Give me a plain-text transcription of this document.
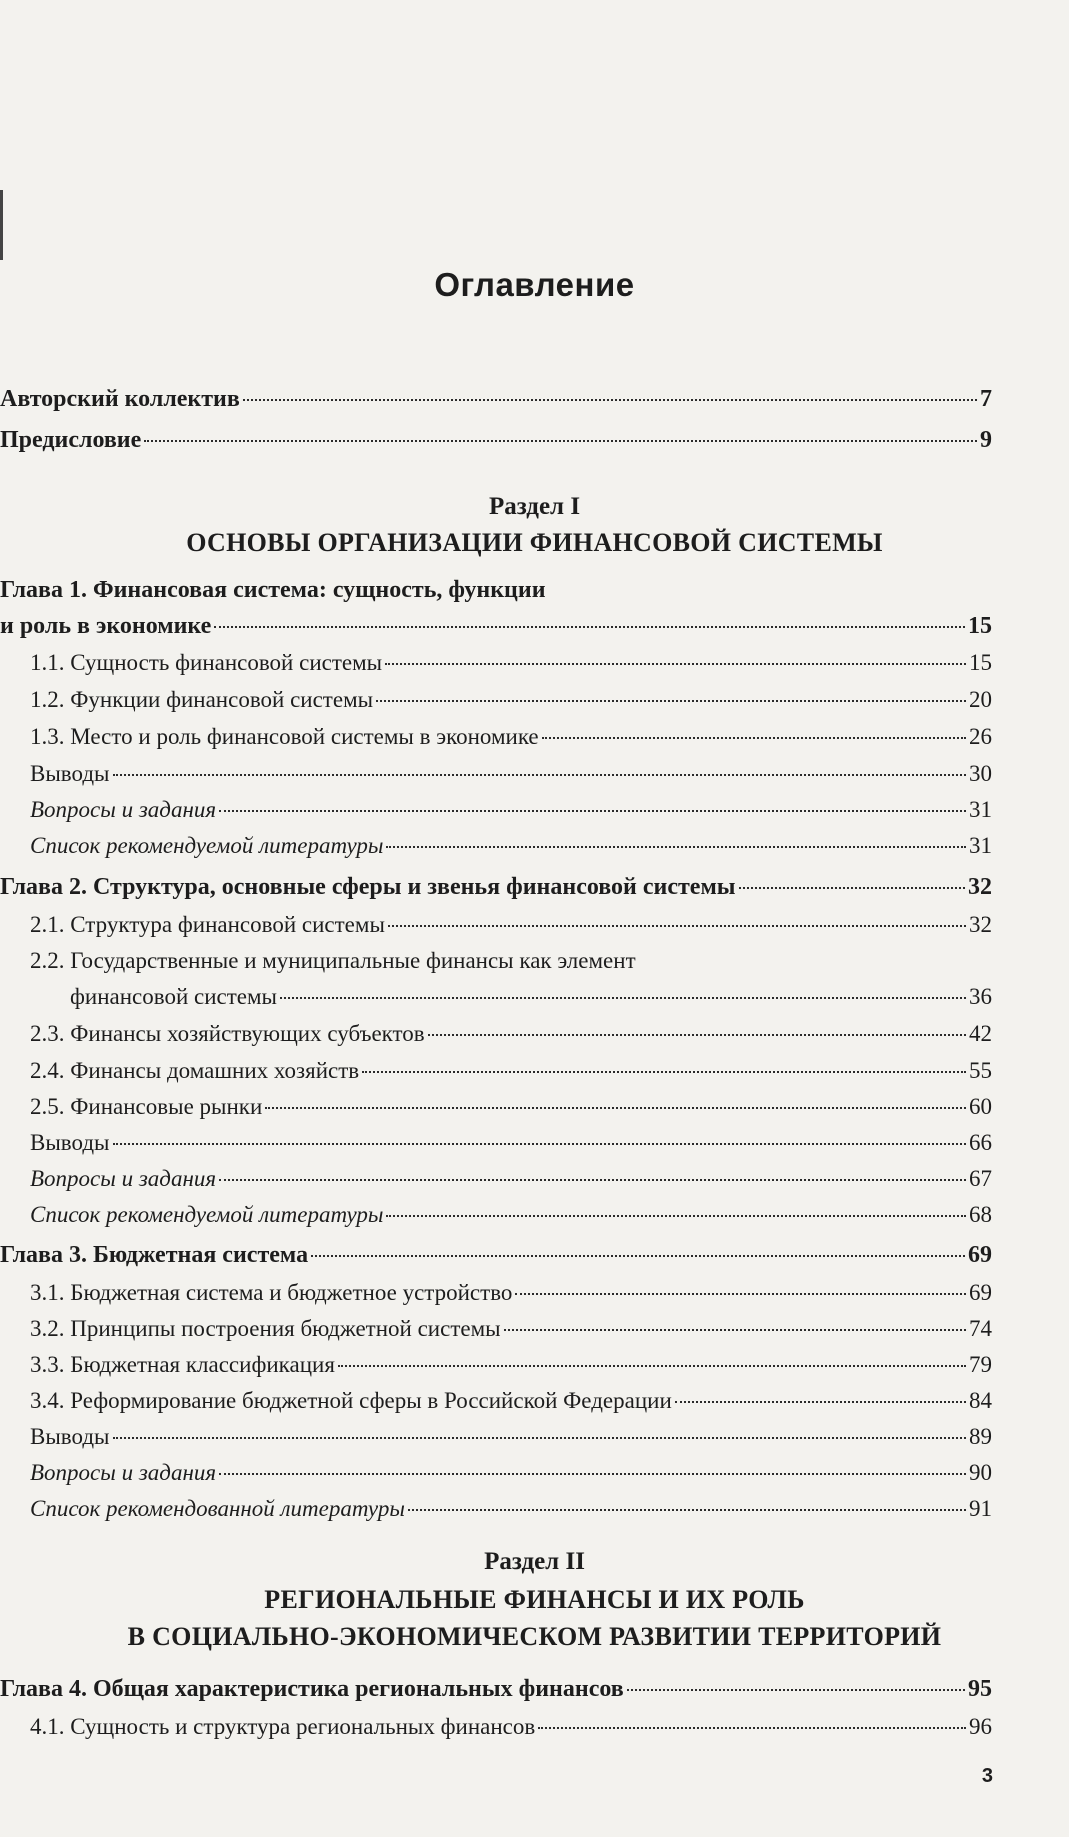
Оглавление
Авторский коллектив	7
Предисловие	9
Раздел I
ОСНОВЫ ОРГАНИЗАЦИИ ФИНАНСОВОЙ СИСТЕМЫ
Глава 1. Финансовая система: сущность, функции
и роль в экономике	15
1.1. Сущность финансовой системы	15
1.2. Функции финансовой системы	20
1.3. Место и роль финансовой системы в экономике	26
Выводы	30
Вопросы и задания	31
Список рекомендуемой литературы	31
Глава 2. Структура, основные сферы и звенья финансовой системы	32
2.1. Структура финансовой системы	32
2.2. Государственные и муниципальные финансы как элемент
финансовой системы	36
2.3. Финансы хозяйствующих субъектов	42
2.4. Финансы домашних хозяйств	55
2.5. Финансовые рынки	60
Выводы	66
Вопросы и задания	67
Список рекомендуемой литературы	68
Глава 3. Бюджетная система	69
3.1. Бюджетная система и бюджетное устройство	69
3.2. Принципы построения бюджетной системы	74
3.3. Бюджетная классификация	79
3.4. Реформирование бюджетной сферы в Российской Федерации	84
Выводы	89
Вопросы и задания	90
Список рекомендованной литературы	91
Раздел II
РЕГИОНАЛЬНЫЕ ФИНАНСЫ И ИХ РОЛЬ
В СОЦИАЛЬНО-ЭКОНОМИЧЕСКОМ РАЗВИТИИ ТЕРРИТОРИЙ
Глава 4. Общая характеристика региональных финансов	95
4.1. Сущность и структура региональных финансов	96
3
